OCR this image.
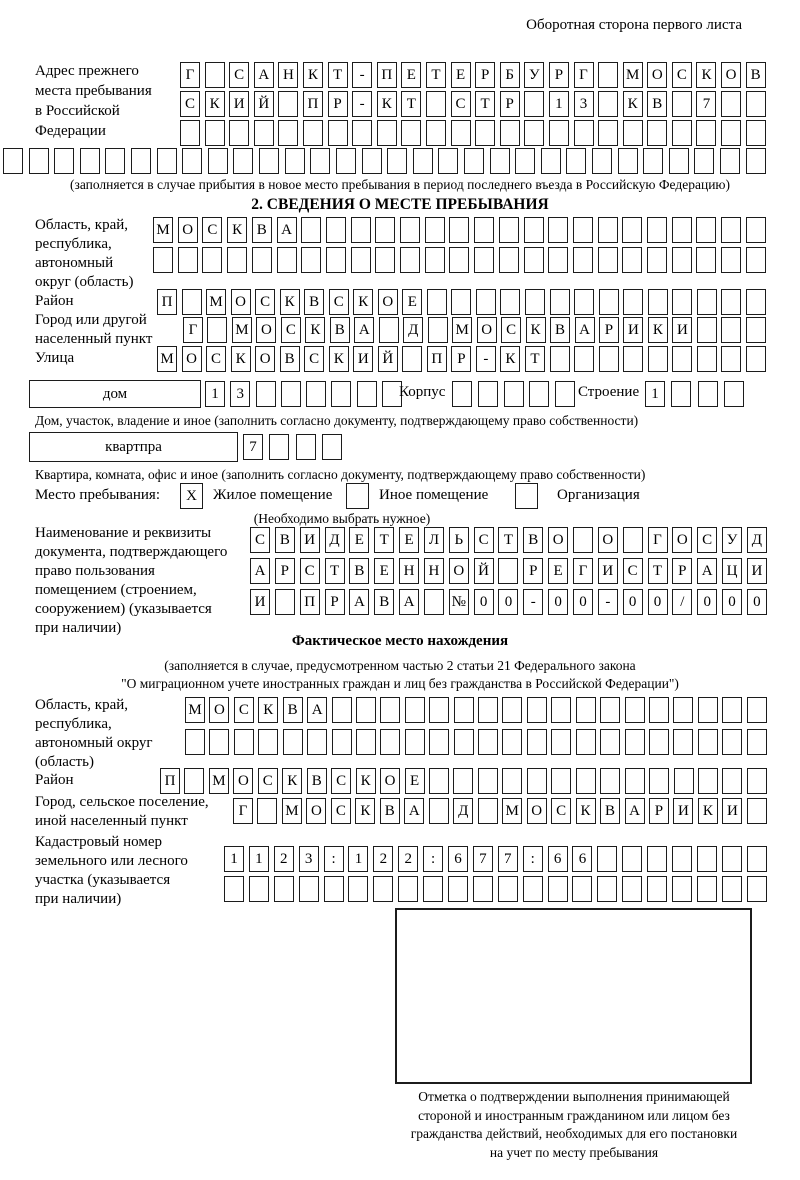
Оборотная сторона первого листа
Адрес прежнего
места пребывания
в Российской
Федерации
Г	С А Н К	Т	-	П Е	Т	Е	Р	Б У	Р	Г	М О С К О В
С К И Й	П	Р	-	К	Т	С	Т	Р	1	3	К В	7
(заполняется в случае прибытия в новое место пребывания в период последнего въезда в Российскую Федерацию)
2. СВЕДЕНИЯ О МЕСТЕ ПРЕБЫВАНИЯ
Область, край,
республика,
автономный
округ (область)
М О С К В А
Район	П	М О С К В С К О Е
Город или другой
населенный пункт
Г	М О С К В А	Д	М О С К В А Р И К И
Улица	М О С К О В С К И Й	П Р	-	К Т
дом	1	3	Корпус	Строение 1
Дом, участок, владение и иное (заполнить согласно документу, подтверждающему право собственности)
квартпра	7
Квартира, комната, офис и иное (заполнить согласно документу, подтверждающему право собственности)
Место пребывания:	X	Жилое помещение	Иное помещение	Организация
(Необходимо выбрать нужное)
Наименование и реквизиты
документа, подтверждающего
право пользования
помещением (строением,
сооружением) (указывается
при наличии)
С В И Д	Е	Т	Е	Л	Ь	С	Т	В О	О	Г	О С У Д
А	Р	С	Т	В	Е Н Н О Й	Р	Е	Г	И С	Т	Р	А Ц И
И	П	Р	А В А	№ 0	0	-	0	0	-	0	0	/	0	0	0
Фактическое место нахождения
(заполняется в случае, предусмотренном частью 2 статьи 21 Федерального закона
"О миграционном учете иностранных граждан и лиц без гражданства в Российской Федерации")
Область, край,
республика,
автономный округ
(область)
М О С К В А
Район	П	М О С К В С К О Е
Город, сельское поселение,
иной населенный пункт
Г	М О С К В А	Д	М О С К В А Р И К И
Кадастровый номер
земельного или лесного
участка (указывается
при наличии)
1	1	2	3	:	1	2	2	:	6	7	7	:	6	6
Отметка о подтверждении выполнения принимающей
стороной и иностранным гражданином или лицом без
гражданства действий, необходимых для его постановки
на учет по месту пребывания
